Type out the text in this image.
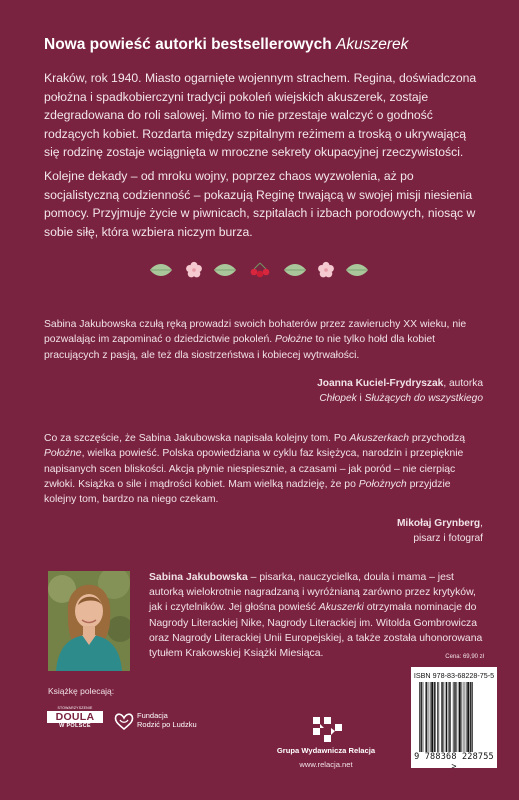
Nowa powieść autorki bestsellerowych Akuszerek

Kraków, rok 1940. Miasto ogarnięte wojennym strachem. Regina, doświadczona położna i spadkobierczyni tradycji pokoleń wiejskich akuszerek, zostaje zdegradowana do roli salowej. Mimo to nie przestaje walczyć o godność rodzących kobiet. Rozdarta między szpitalnym reżimem a troską o ukrywającą się rodzinę zostaje wciągnięta w mroczne sekrety okupacyjnej rzeczywistości.

Kolejne dekady – od mroku wojny, poprzez chaos wyzwolenia, aż po socjalistyczną codzienność – pokazują Reginę trwającą w swojej misji niesienia pomocy. Przyjmuje życie w piwnicach, szpitalach i izbach porodowych, niosąc w sobie siłę, która wzbiera niczym burza.

Sabina Jakubowska czułą ręką prowadzi swoich bohaterów przez zawieruchy XX wieku, nie pozwalając im zapominać o dziedzictwie pokoleń. Położne to nie tylko hołd dla kobiet pracujących z pasją, ale też dla siostrzeństwa i kobiecej wytrwałości.
Joanna Kuciel-Frydryszak, autorka
Chłopek i Służących do wszystkiego
Co za szczęście, że Sabina Jakubowska napisała kolejny tom. Po Akuszerkach przychodzą Położne, wielka powieść. Polska opowiedziana w cyklu faz księżyca, narodzin i przepięknie napisanych scen bliskości. Akcja płynie niespiesznie, a czasami – jak poród – nie cierpiąc zwłoki. Książka o sile i mądrości kobiet. Mam wielką nadzieję, że po Położnych przyjdzie kolejny tom, bardzo na niego czekam.
Mikołaj Grynberg,
pisarz i fotograf
Sabina Jakubowska – pisarka, nauczycielka, doula i mama – jest autorką wielokrotnie nagradzaną i wyróżnianą zarówno przez krytyków, jak i czytelników. Jej głośna powieść Akuszerki otrzymała nominacje do Nagrody Literackiej Nike, Nagrody Literackiej im. Witolda Gombrowicza oraz Nagrody Literackiej Unii Europejskiej, a także została uhonorowana tytułem Krakowskiej Książki Miesiąca.	Cena: 69,90 zł
Książkę polecają:
STOWARZYSZENIE
DOULA
W POLSCE
Fundacja
Rodzić po Ludzku
Grupa Wydawnicza Relacja
www.relacja.net
ISBN 978-83-68228-75-5
9 788368 228755 >
